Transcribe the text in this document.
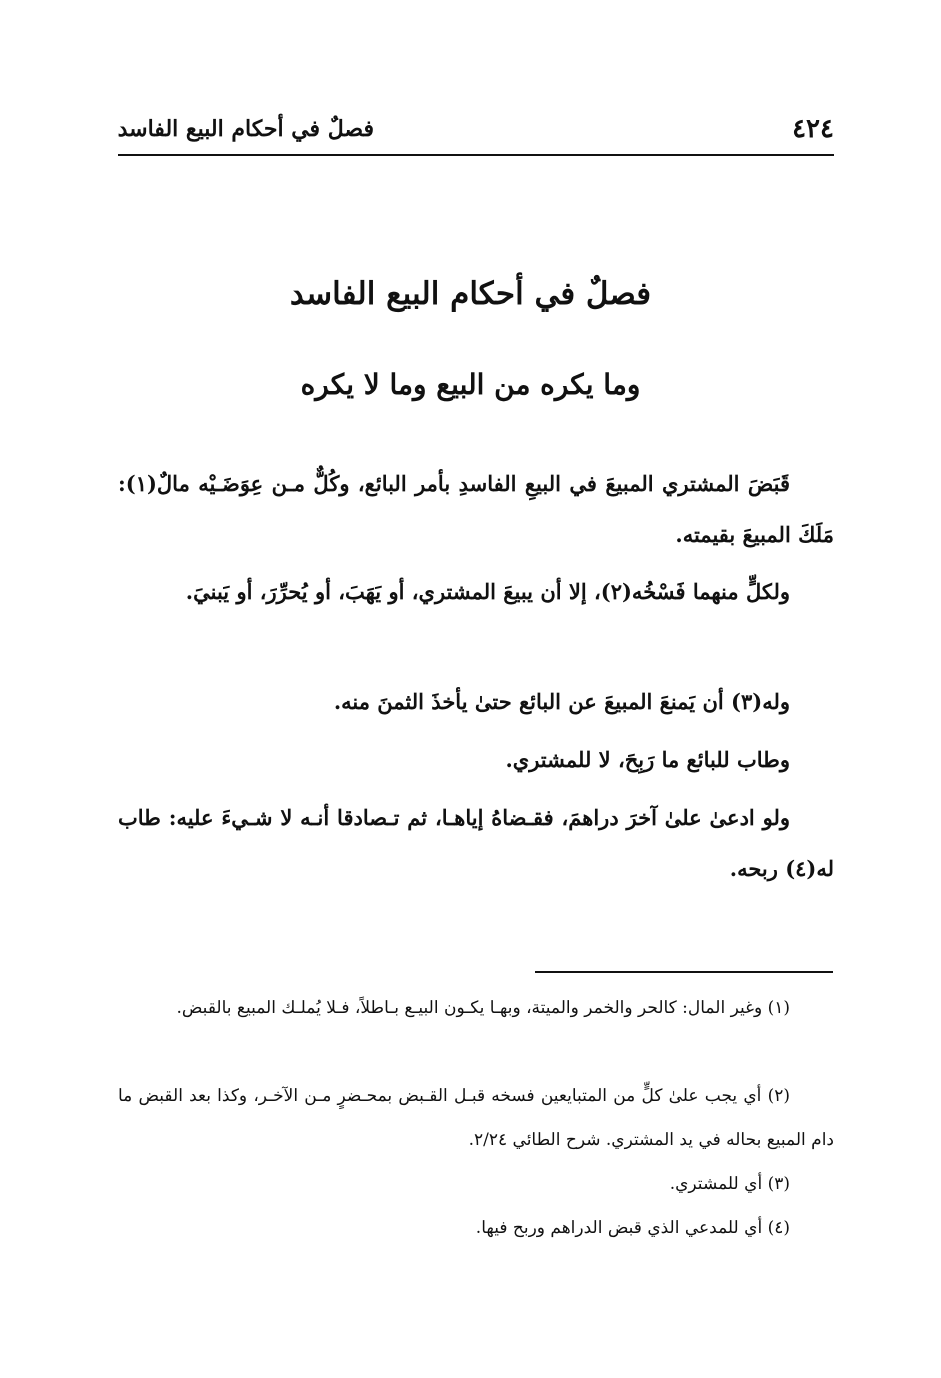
٤٢٤
فصلٌ في أحكام البيع الفاسد
فصلٌ في أحكام البيع الفاسد
وما يكره من البيع وما لا يكره

قَبَضَ المشتري المبيعَ في البيعِ الفاسدِ بأمر البائع، وكُلٌّ مـن عِوَضَـيْه مالٌ(١): مَلَكَ المبيعَ بقيمته.

ولكلٍّ منهما فَسْخُه(٢)، إلا أن يبيعَ المشتري، أو يَهَبَ، أو يُحرِّرَ، أو يَبنيَ.

وله(٣) أن يَمنعَ المبيعَ عن البائع حتىٰ يأخذَ الثمنَ منه.

وطاب للبائع ما رَبِحَ، لا للمشتري.

ولو ادعىٰ علىٰ آخرَ دراهمَ، فقـضاهُ إياهـا، ثم تـصادقا أنـه لا شـيءَ عليه: طاب له(٤) ربحه.

(١) وغير المال: كالحر والخمر والميتة، وبهـا يكـون البيـع بـاطلاً، فـلا يُملـك المبيع بالقبض.

(٢) أي يجب علىٰ كلٍّ من المتبايعين فسخه قبـل القـبض بمحـضرٍ مـن الآخـر، وكذا بعد القبض ما دام المبيع بحاله في يد المشتري. شرح الطائي ٢/٢٤.

(٣) أي للمشتري.

(٤) أي للمدعي الذي قبض الدراهم وربح فيها.
